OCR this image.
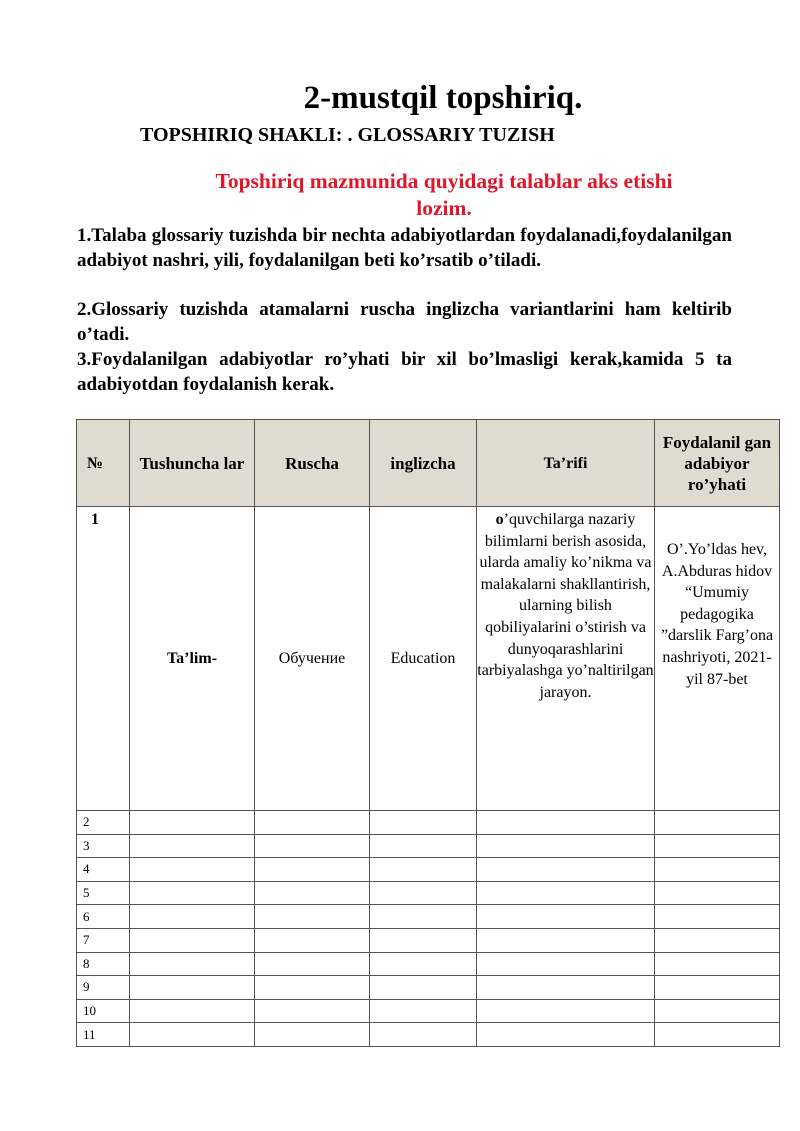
2-mustqil topshiriq.
TOPSHIRIQ SHAKLI: . GLOSSARIY TUZISH

Topshiriq mazmunida quyidagi talablar aks etishi
lozim.

1.Talaba glossariy tuzishda bir nechta adabiyotlardan foydalanadi,foydalanilgan adabiyot nashri, yili, foydalanilgan beti ko’rsatib o’tiladi.

2.Glossariy tuzishda atamalarni ruscha inglizcha variantlarini ham keltirib o’tadi.

3.Foydalanilgan adabiyotlar ro’yhati bir xil bo’lmasligi kerak,kamida 5 ta adabiyotdan foydalanish kerak.

№	Tushuncha lar	Ruscha	inglizcha	Ta’rifi	Foydalanil gan adabiyor ro’yhati
1	Ta’lim-	Обучение	Education	o’quvchilarga nazariy bilimlarni berish asosida, ularda amaliy ko’nikma va malakalarni shakllantirish, ularning bilish qobiliyalarini o’stirish va dunyoqarashlarini tarbiyalashga yo’naltirilgan jarayon.	O’.Yo’ldas hev, A.Abduras hidov “Umumiy pedagogika ”darslik Farg’ona nashriyoti, 2021-yil 87-bet
2					
3					
4					
5					
6					
7					
8					
9					
10					
11					
